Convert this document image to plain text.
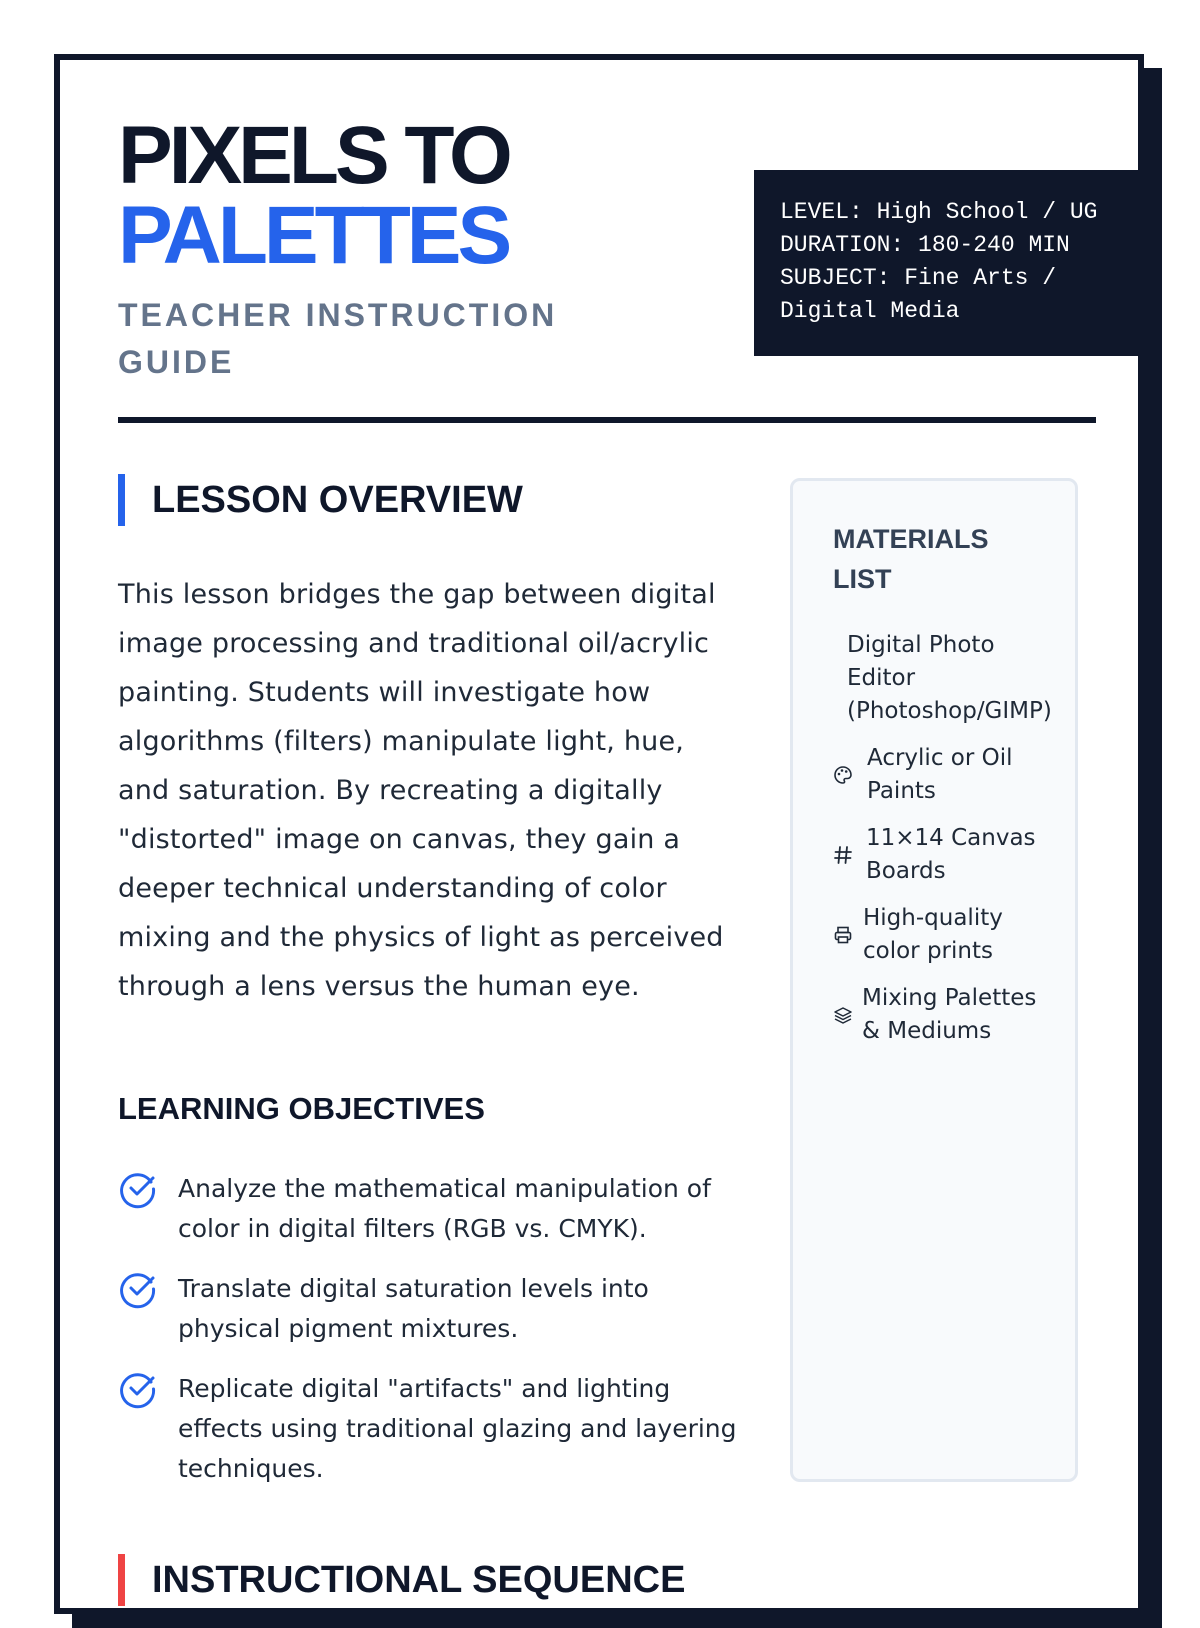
PIXELS TO
PALETTES
TEACHER INSTRUCTION GUIDE
LEVEL: High School / UG
DURATION: 180-240 MIN
SUBJECT: Fine Arts / Digital Media
LESSON OVERVIEW

This lesson bridges the gap between digital image processing and traditional oil/acrylic painting. Students will investigate how algorithms (filters) manipulate light, hue, and saturation. By recreating a digitally "distorted" image on canvas, they gain a deeper technical understanding of color mixing and the physics of light as perceived through a lens versus the human eye.

LEARNING OBJECTIVES
Analyze the mathematical manipulation of color in digital filters (RGB vs. CMYK).
Translate digital saturation levels into physical pigment mixtures.
Replicate digital "artifacts" and lighting effects using traditional glazing and layering techniques.
MATERIALS LIST
Digital Photo Editor (Photoshop/GIMP)
Acrylic or Oil Paints
11×14 Canvas Boards
High-quality color prints
Mixing Palettes & Mediums
INSTRUCTIONAL SEQUENCE
